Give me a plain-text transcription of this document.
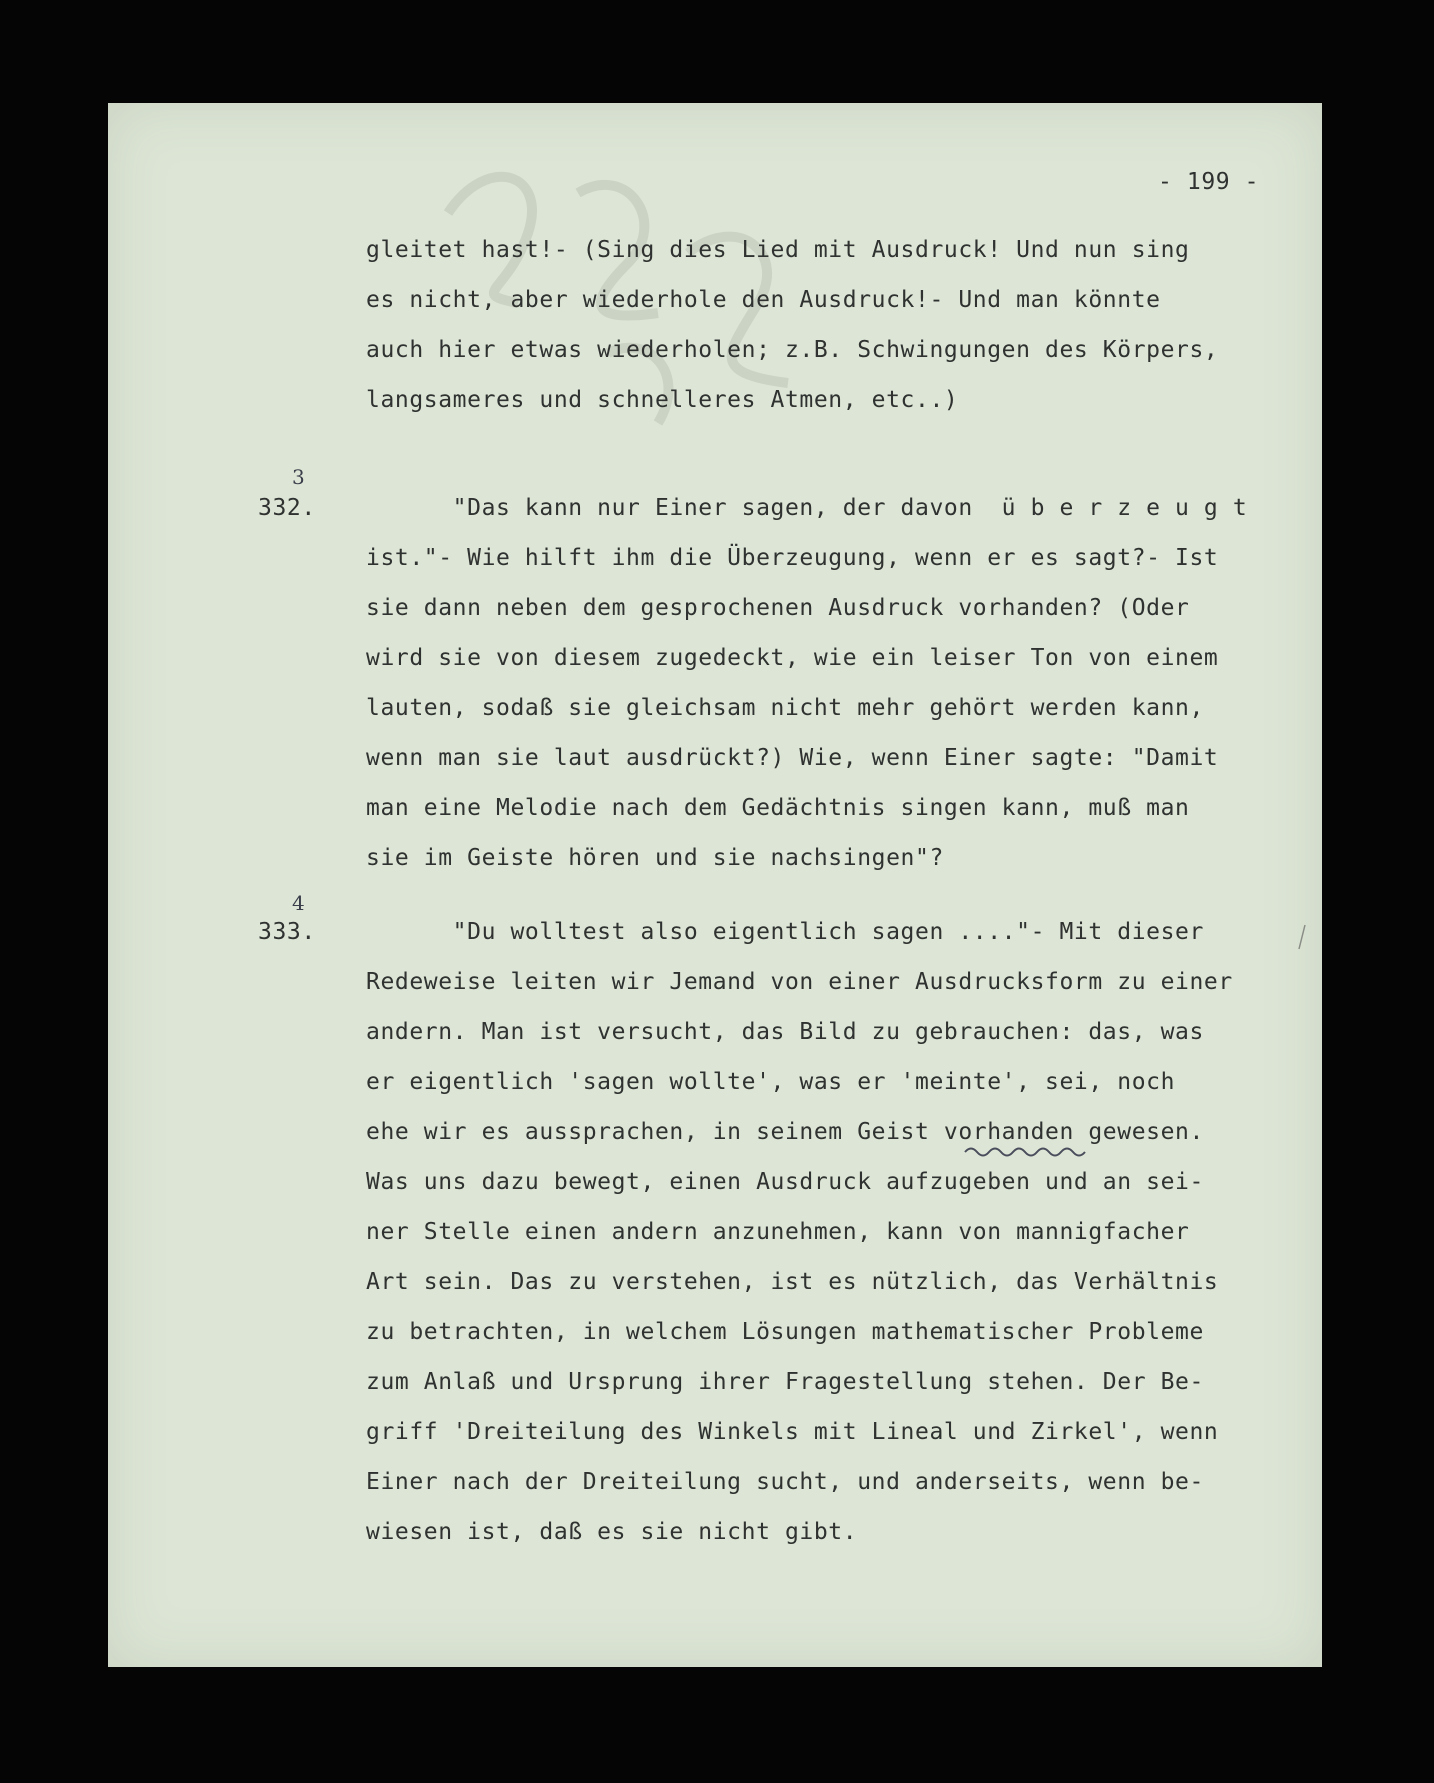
- 199 -
gleitet hast!- (Sing dies Lied mit Ausdruck! Und nun sing
es nicht, aber wiederhole den Ausdruck!- Und man könnte
auch hier etwas wiederholen; z.B. Schwingungen des Körpers,
langsameres und schnelleres Atmen, etc..)
3
332. "Das kann nur Einer sagen, der davon  ü b e r z e u g t
ist."- Wie hilft ihm die Überzeugung, wenn er es sagt?- Ist
sie dann neben dem gesprochenen Ausdruck vorhanden? (Oder
wird sie von diesem zugedeckt, wie ein leiser Ton von einem
lauten, sodaß sie gleichsam nicht mehr gehört werden kann,
wenn man sie laut ausdrückt?) Wie, wenn Einer sagte: "Damit
man eine Melodie nach dem Gedächtnis singen kann, muß man
sie im Geiste hören und sie nachsingen"?
4
333. "Du wolltest also eigentlich sagen ...."- Mit dieser
Redeweise leiten wir Jemand von einer Ausdrucksform zu einer
andern. Man ist versucht, das Bild zu gebrauchen: das, was
er eigentlich 'sagen wollte', was er 'meinte', sei, noch
ehe wir es aussprachen, in seinem Geist vorhanden gewesen.
Was uns dazu bewegt, einen Ausdruck aufzugeben und an sei-
ner Stelle einen andern anzunehmen, kann von mannigfacher
Art sein. Das zu verstehen, ist es nützlich, das Verhältnis
zu betrachten, in welchem Lösungen mathematischer Probleme
zum Anlaß und Ursprung ihrer Fragestellung stehen. Der Be-
griff 'Dreiteilung des Winkels mit Lineal und Zirkel', wenn
Einer nach der Dreiteilung sucht, und anderseits, wenn be-
wiesen ist, daß es sie nicht gibt.
